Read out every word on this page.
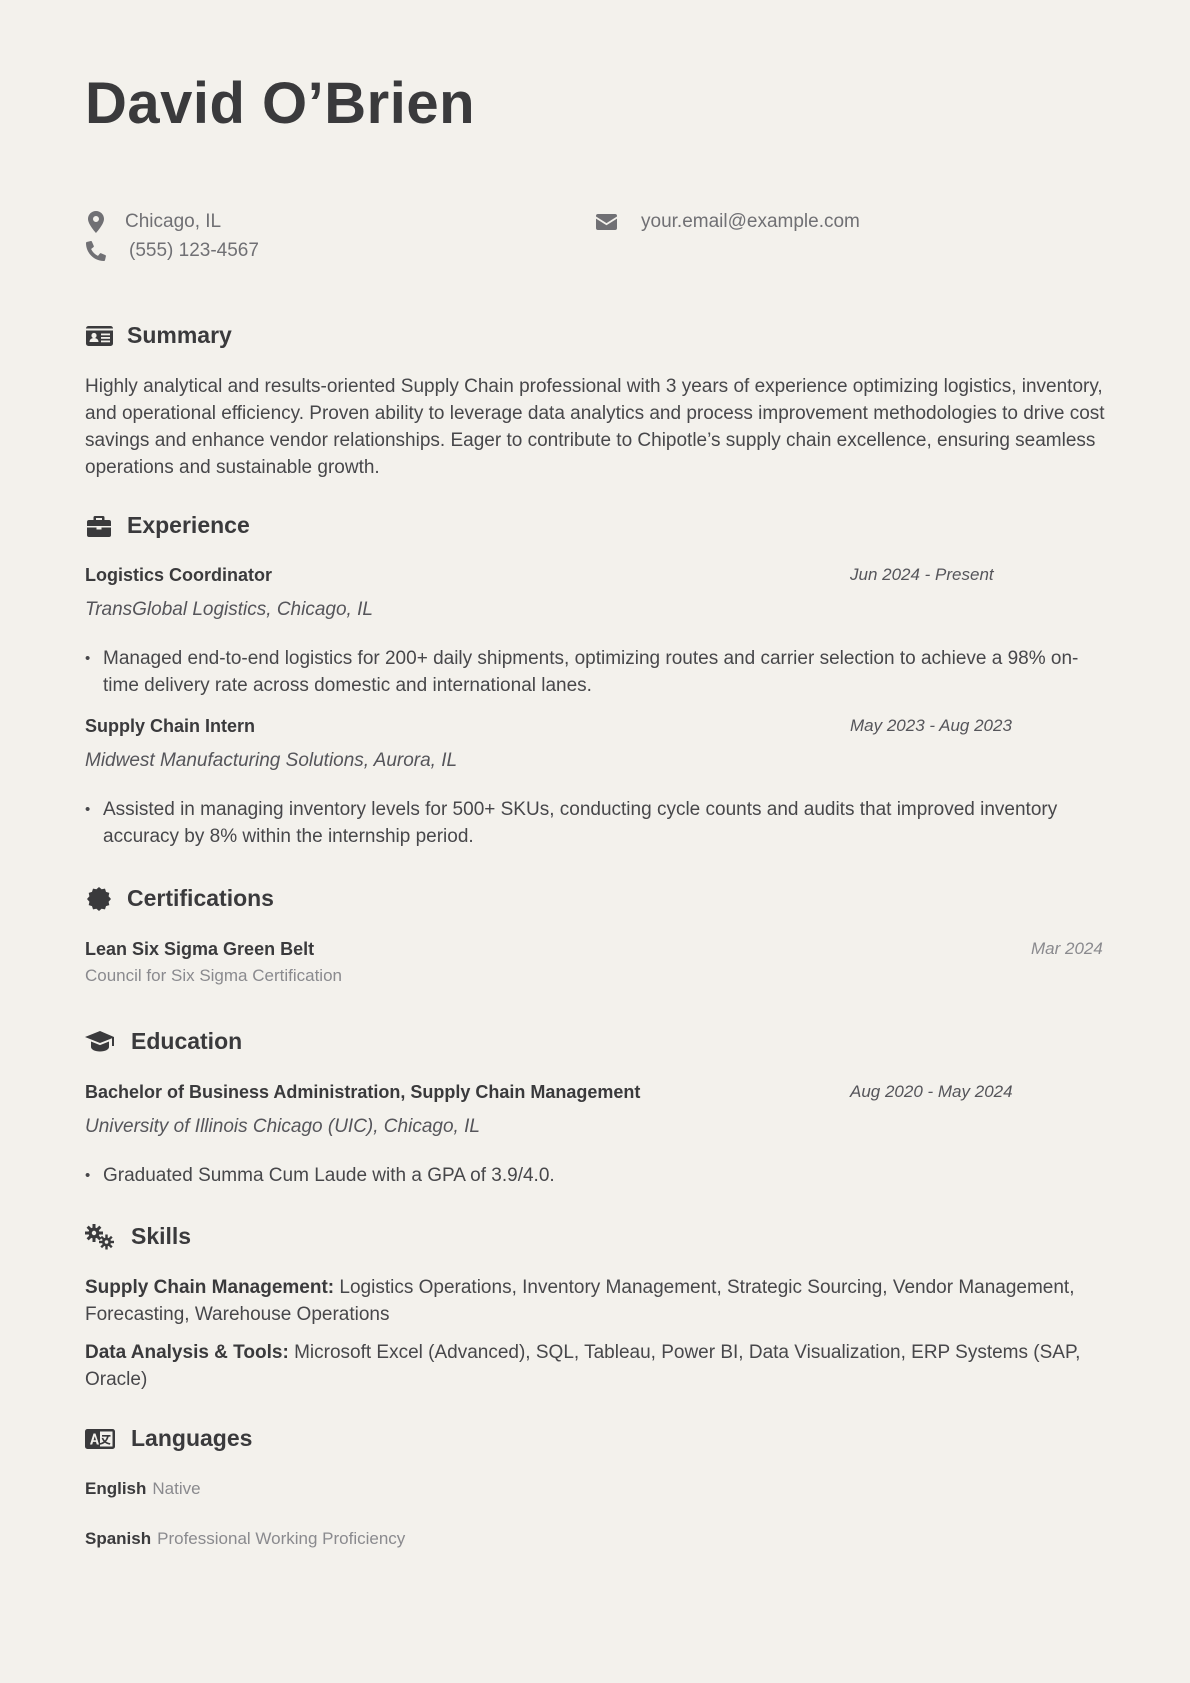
David O’Brien
Chicago, IL
(555) 123-4567
your.email@example.com
Summary
Highly analytical and results-oriented Supply Chain professional with 3 years of experience optimizing logistics, inventory, and operational efficiency. Proven ability to leverage data analytics and process improvement methodologies to drive cost savings and enhance vendor relationships. Eager to contribute to Chipotle’s supply chain excellence, ensuring seamless operations and sustainable growth.
Experience
Logistics Coordinator	Jun 2024 - Present
TransGlobal Logistics, Chicago, IL
• Managed end-to-end logistics for 200+ daily shipments, optimizing routes and carrier selection to achieve a 98% on-time delivery rate across domestic and international lanes.
Supply Chain Intern	May 2023 - Aug 2023
Midwest Manufacturing Solutions, Aurora, IL
• Assisted in managing inventory levels for 500+ SKUs, conducting cycle counts and audits that improved inventory accuracy by 8% within the internship period.
Certifications
Lean Six Sigma Green Belt	Mar 2024
Council for Six Sigma Certification
Education
Bachelor of Business Administration, Supply Chain Management	Aug 2020 - May 2024
University of Illinois Chicago (UIC), Chicago, IL
• Graduated Summa Cum Laude with a GPA of 3.9/4.0.
Skills
Supply Chain Management: Logistics Operations, Inventory Management, Strategic Sourcing, Vendor Management, Forecasting, Warehouse Operations
Data Analysis & Tools: Microsoft Excel (Advanced), SQL, Tableau, Power BI, Data Visualization, ERP Systems (SAP, Oracle)
Languages
English Native
Spanish Professional Working Proficiency
